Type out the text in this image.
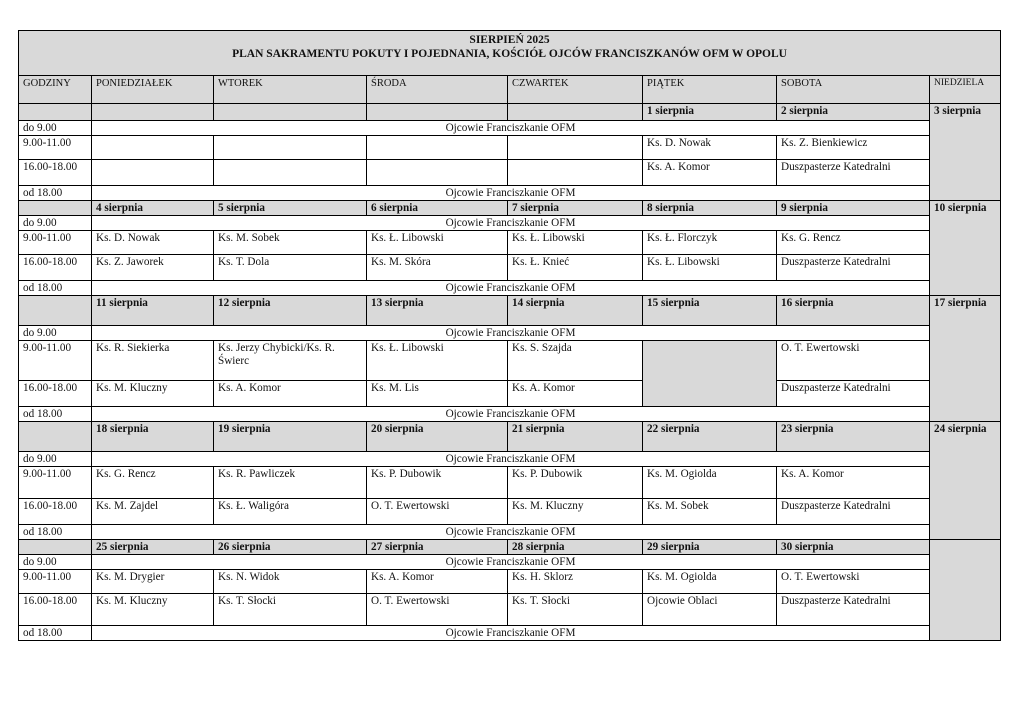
SIERPIEŃ 2025
PLAN SAKRAMENTU POKUTY I POJEDNANIA, KOŚCIÓŁ OJCÓW FRANCISZKANÓW OFM W OPOLU							

GODZINY	PONIEDZIAŁEK	WTOREK	ŚRODA	CZWARTEK	PIĄTEK	SOBOTA	NIEDZIELA
					1 sierpnia	2 sierpnia	3 sierpnia
do 9.00	Ojcowie Franciszkanie OFM						
9.00-11.00					Ks. D. Nowak	Ks. Z. Bienkiewicz	
16.00-18.00					Ks. A. Komor	Duszpasterze Katedralni	
od 18.00	Ojcowie Franciszkanie OFM						
	4 sierpnia	5 sierpnia	6 sierpnia	7 sierpnia	8 sierpnia	9 sierpnia	10 sierpnia
do 9.00	Ojcowie Franciszkanie OFM						
9.00-11.00	Ks. D. Nowak	Ks. M. Sobek	Ks. Ł. Libowski	Ks. Ł. Libowski	Ks. Ł. Florczyk	Ks. G. Rencz	
16.00-18.00	Ks. Z. Jaworek	Ks. T. Dola	Ks. M. Skóra	Ks. Ł. Knieć	Ks. Ł. Libowski	Duszpasterze Katedralni	
od 18.00	Ojcowie Franciszkanie OFM						
	11 sierpnia	12 sierpnia	13 sierpnia	14 sierpnia	15 sierpnia	16 sierpnia	17 sierpnia
do 9.00	Ojcowie Franciszkanie OFM						
9.00-11.00	Ks. R. Siekierka	Ks. Jerzy Chybicki/Ks. R. Świerc	Ks. Ł. Libowski	Ks. S. Szajda		O. T. Ewertowski	
16.00-18.00	Ks. M. Kluczny	Ks. A. Komor	Ks. M. Lis	Ks. A. Komor		Duszpasterze Katedralni	
od 18.00	Ojcowie Franciszkanie OFM						
	18 sierpnia	19 sierpnia	20 sierpnia	21 sierpnia	22 sierpnia	23 sierpnia	24 sierpnia
do 9.00	Ojcowie Franciszkanie OFM						
9.00-11.00	Ks. G. Rencz	Ks. R. Pawliczek	Ks. P. Dubowik	Ks. P. Dubowik	Ks. M. Ogiolda	Ks. A. Komor	
16.00-18.00	Ks. M. Zajdel	Ks. Ł. Waligóra	O. T. Ewertowski	Ks. M. Kluczny	Ks. M. Sobek	Duszpasterze Katedralni	
od 18.00	Ojcowie Franciszkanie OFM						
	25 sierpnia	26 sierpnia	27 sierpnia	28 sierpnia	29 sierpnia	30 sierpnia	
do 9.00	Ojcowie Franciszkanie OFM						
9.00-11.00	Ks. M. Drygier	Ks. N. Widok	Ks. A. Komor	Ks. H. Sklorz	Ks. M. Ogiolda	O. T. Ewertowski	
16.00-18.00	Ks. M. Kluczny	Ks. T. Słocki	O. T. Ewertowski	Ks. T. Słocki	Ojcowie Oblaci	Duszpasterze Katedralni	
od 18.00	Ojcowie Franciszkanie OFM						
